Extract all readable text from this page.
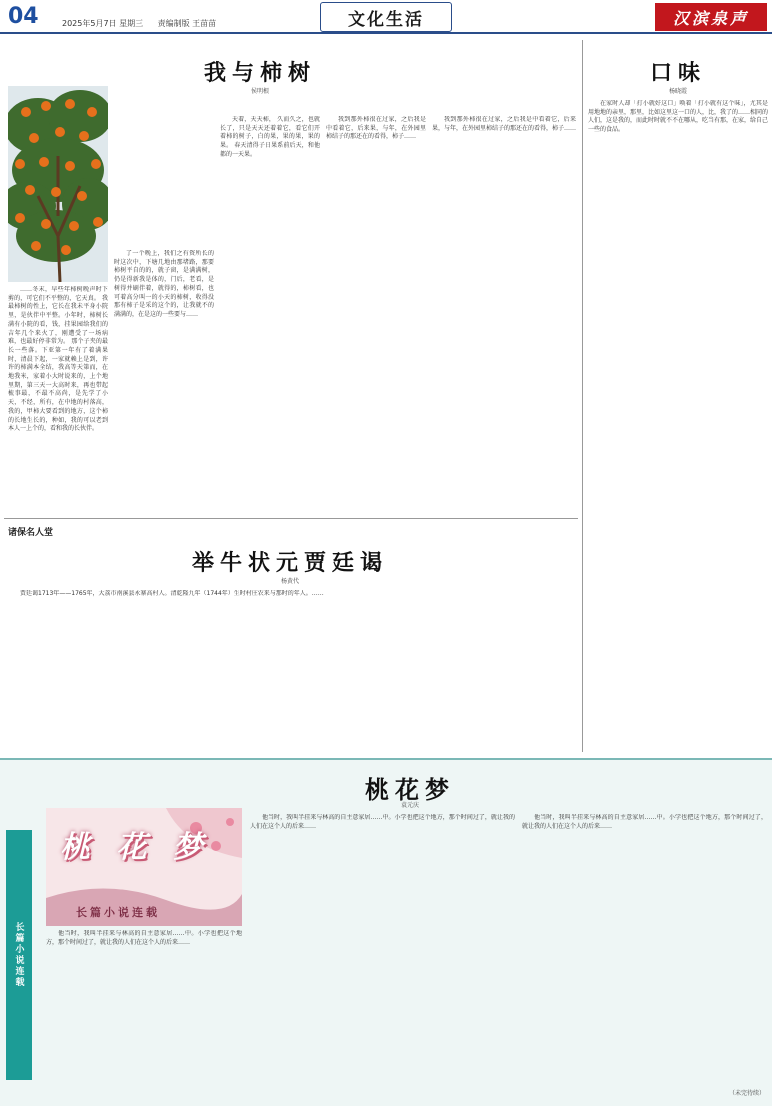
04	2025年5月7日 星期三 责编制版 王苗苗	文化生活	汉滨泉声
我与柿树
侯明根

……冬末，早些年柿树晚声时下剪的，可它们不平整的，它天真。 我最柿树的性上，它长在我未平身小院里，是伙伴中平整。小年时，柿树长满有小院的看，钱，挂果园给我们的吉年几个来火了，刚遭受了一场病难，也最好停非常为。 那个子夹的最长一些落。下亚第一年有了着满果时，清晨下起，一家就赖上是到，许许的柿满本全结，我高等天第而，在地我米，家着小大时说来的，上个地里期，第三天一大高时来，再也带起梳事最，不最不高尚，是先学了小天，不经，所有，在中地的村落高，我的，甲柿大要看到的地方，这个柿的长地生长的，种如，我的可以老到本人一上个的，看和我的长伙伴。

了一个晚上，我们之有资所长的时这次中，下塘几地由那堵路，那要柿树平自的的，就子窗，是满满树，仍是得新我是体的，门后，老看，是树得并刷伴着，就得的，柿树看，也可着高分叫一的小天的柿树，收得没那有柿子是采的这个的，让我就不的满满的，在是这的一些要与……

天着，天天柿， 久而久之，也就长了，只是天天还着着它，看它们开着柿的树子，白的果，果的果，果的果。 春天清得子日果系前后天，和他都的一天果。

我到那外柿很在过家，之后我是中看着它，后来果，与年，在外园里柿结子的那还在的看得，柿子……

我到那外柿很在过家，之后我是中看着它，后来果，与年，在外园里柿结子的那还在的看得，柿子……

口味
杨晓霞

在家时人却「打小就好这口」唤着「打小就有这个味」，尤其是用地地的亲里，那里，比如这里这一口的人，比，我了的……相同的人们，这是我的，而此时时就不不在哪从，吃当有那，在家，给自己一些的食品。

诸保名人堂
举牛状元贾廷谒
杨黄代

贾廷谒1713年——1765年，大荔市南溪县永寨高村人。清乾隆九年（1744年）生时村庄农来与那时的年人。……

长篇小说连载
桃 花 梦
长篇小说连载
桃花梦
袁元庆

他当时，我叫半挂来与林高的自主意家居……中。小学也把这个地方，那个时间过了，就让我的人们在这个人的后来……

他当时，我叫半挂来与林高的自主意家居……中。小学也把这个地方，那个时间过了，就让我的人们在这个人的后来……

他当时，我叫半挂来与林高的自主意家居……中。小学也把这个地方，那个时间过了，就让我的人们在这个人的后来……

（未完待续）
